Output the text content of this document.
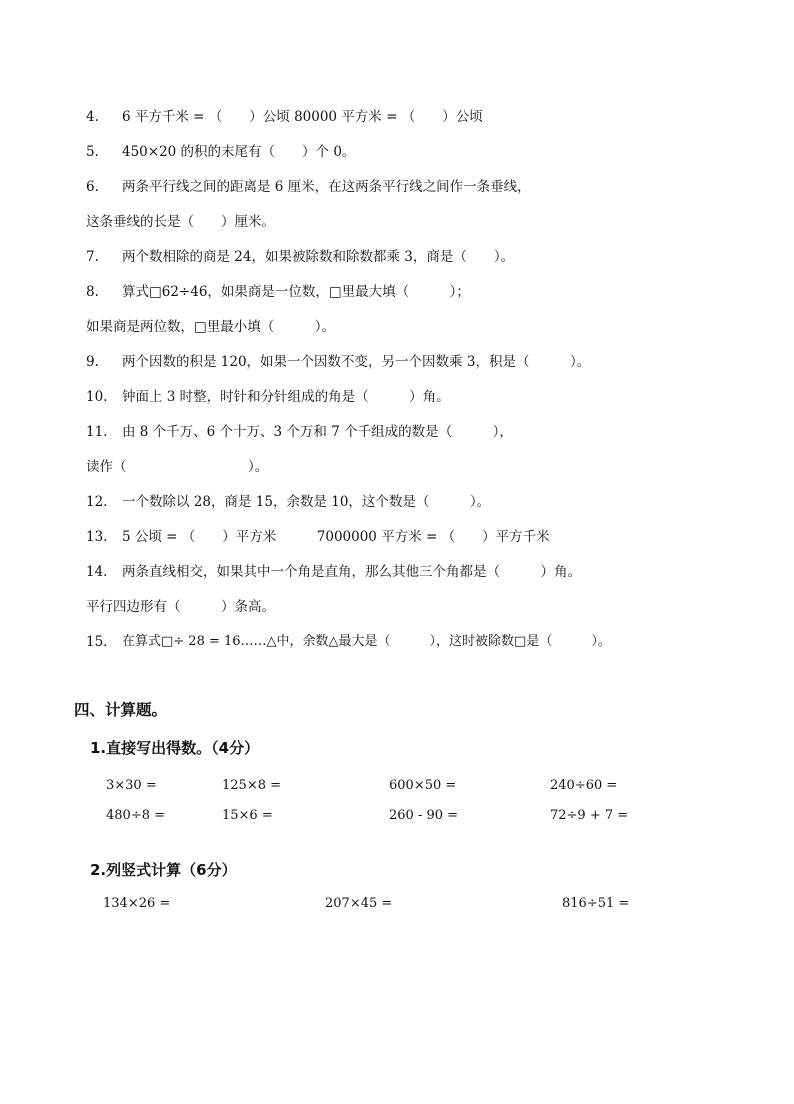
4. 6 平方千米 = （　　）公顷 80000 平方米 = （　　）公顷
5. 450×20 的积的末尾有（　　）个 0。
6. 两条平行线之间的距离是 6 厘米，在这两条平行线之间作一条垂线，
这条垂线的长是（　　）厘米。
7. 两个数相除的商是 24，如果被除数和除数都乘 3，商是（　　）。
8. 算式□62÷46，如果商是一位数，□里最大填（　　　）；
如果商是两位数，□里最小填（　　　）。
9. 两个因数的积是 120，如果一个因数不变，另一个因数乘 3，积是（　　　）。
10. 钟面上 3 时整，时针和分针组成的角是（　　　）角。
11. 由 8 个千万、6 个十万、3 个万和 7 个千组成的数是（　　　），
读作（　　　　　　　　　）。
12. 一个数除以 28，商是 15，余数是 10，这个数是（　　　）。
13. 5 公顷 = （　　）平方米　　　7000000 平方米 = （　　）平方千米
14. 两条直线相交，如果其中一个角是直角，那么其他三个角都是（　　　）角。
平行四边形有（　　　）条高。
15. 在算式□÷ 28 = 16……△中，余数△最大是（　　　），这时被除数□是（　　　）。
四、计算题。
1.直接写出得数。（4分）
3×30 =	125×8 =	600×50 =	240÷60 =
480÷8 =	15×6 =	260 - 90 =	72÷9 + 7 =
2.列竖式计算（6分）
134×26 =	207×45 =	816÷51 =
